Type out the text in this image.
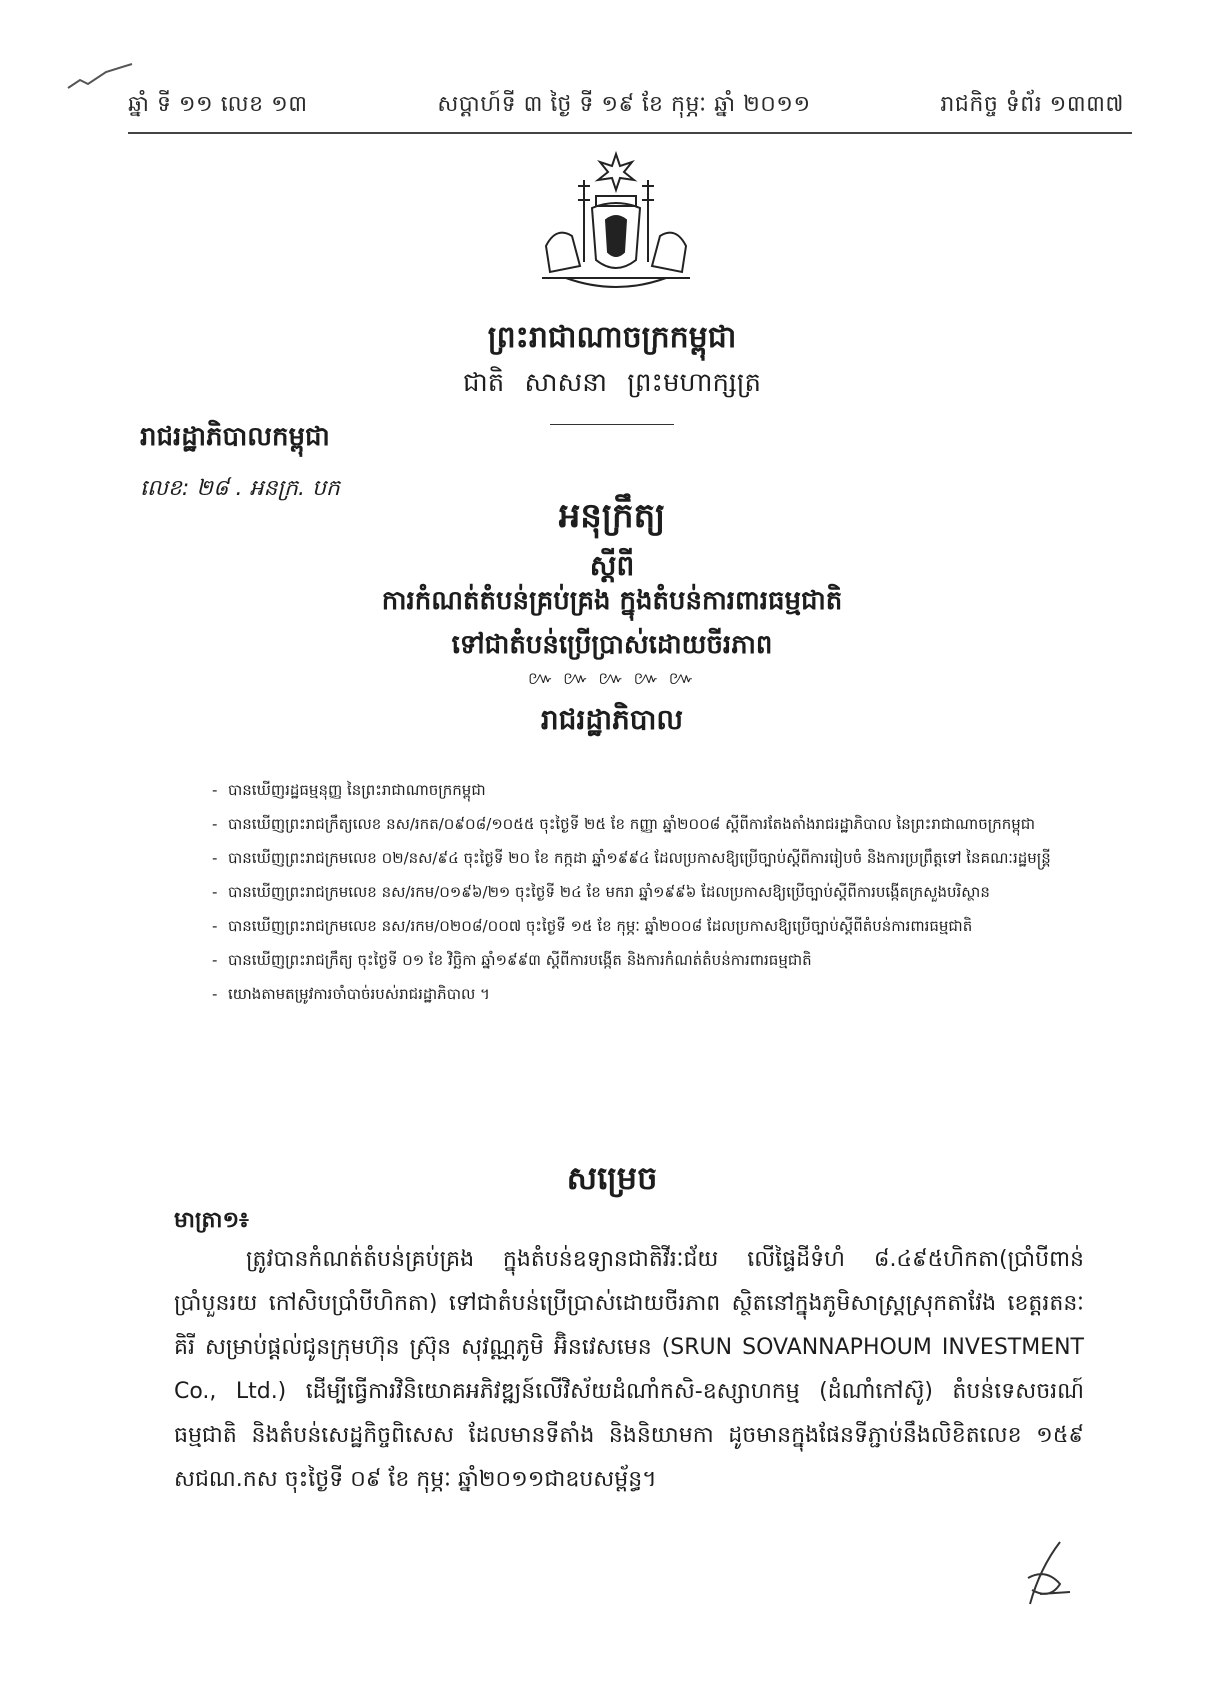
ឆ្នាំ ទី ១១ លេខ ១៣	សប្ដាហ៍ទី ៣ ថ្ងៃ ទី ១៩ ខែ កុម្ភៈ ឆ្នាំ ២០១១	រាជកិច្ច ទំព័រ ១៣៣៧
ព្រះរាជាណាចក្រកម្ពុជា
ជាតិ សាសនា ព្រះមហាក្សត្រ
រាជរដ្ឋាភិបាលកម្ពុជា
លេខ: ២៨ . អនក្រ. បក
អនុក្រឹត្យ
ស្ដីពី
ការកំណត់តំបន់គ្រប់គ្រង ក្នុងតំបន់ការពារធម្មជាតិ
ទៅជាតំបន់ប្រើប្រាស់ដោយចីរភាព
៚ ៚ ៚ ៚ ៚
រាជរដ្ឋាភិបាល
- បានឃើញរដ្ឋធម្មនុញ្ញ នៃព្រះរាជាណាចក្រកម្ពុជា
- បានឃើញព្រះរាជក្រឹត្យលេខ នស/រកត/០៩០៨/១០៥៥ ចុះថ្ងៃទី ២៥ ខែ កញ្ញា ឆ្នាំ២០០៨ ស្ដីពីការតែងតាំងរាជរដ្ឋាភិបាល នៃព្រះរាជាណាចក្រកម្ពុជា
- បានឃើញព្រះរាជក្រមលេខ ០២/នស/៩៤ ចុះថ្ងៃទី ២០ ខែ កក្កដា ឆ្នាំ១៩៩៤ ដែលប្រកាសឱ្យប្រើច្បាប់ស្ដីពីការរៀបចំ និងការប្រព្រឹត្តទៅ នៃគណៈរដ្ឋមន្ត្រី
- បានឃើញព្រះរាជក្រមលេខ នស/រកម/០១៩៦/២១ ចុះថ្ងៃទី ២៤ ខែ មករា ឆ្នាំ១៩៩៦ ដែលប្រកាសឱ្យប្រើច្បាប់ស្ដីពីការបង្កើតក្រសួងបរិស្ថាន
- បានឃើញព្រះរាជក្រមលេខ នស/រកម/០២០៨/០០៧ ចុះថ្ងៃទី ១៥ ខែ កុម្ភៈ ឆ្នាំ២០០៨ ដែលប្រកាសឱ្យប្រើច្បាប់ស្ដីពីតំបន់ការពារធម្មជាតិ
- បានឃើញព្រះរាជក្រឹត្យ ចុះថ្ងៃទី ០១ ខែ វិច្ឆិកា ឆ្នាំ១៩៩៣ ស្ដីពីការបង្កើត និងការកំណត់តំបន់ការពារធម្មជាតិ
- យោងតាមតម្រូវការចាំបាច់របស់រាជរដ្ឋាភិបាល ។
សម្រេច
មាត្រា១៖
ត្រូវបានកំណត់តំបន់គ្រប់គ្រង ក្នុងតំបន់ឧទ្យានជាតិវីរៈជ័យ លើផ្ទៃដីទំហំ ៨.៤៩៥ហិកតា(ប្រាំបីពាន់ ប្រាំបួនរយ កៅសិបប្រាំបីហិកតា) ទៅជាតំបន់ប្រើប្រាស់ដោយចីរភាព ស្ថិតនៅក្នុងភូមិសាស្ត្រស្រុកតាវែង ខេត្តរតនៈគិរី សម្រាប់ផ្ដល់ជូនក្រុមហ៊ុន ស្រ៊ុន សុវណ្ណភូមិ អ៊ិនវេសមេន (SRUN SOVANNAPHOUM INVESTMENT Co., Ltd.) ដើម្បីធ្វើការវិនិយោគអភិវឌ្ឍន៍លើវិស័យដំណាំកសិ-ឧស្សាហកម្ម (ដំណាំកៅស៊ូ) តំបន់ទេសចរណ៍ធម្មជាតិ និងតំបន់សេដ្ឋកិច្ចពិសេស ដែលមានទីតាំង និងនិយាមកា ដូចមានក្នុងផែនទីភ្ជាប់នឹងលិខិតលេខ ១៥៩ សជណ.កស ចុះថ្ងៃទី ០៩ ខែ កុម្ភៈ ឆ្នាំ២០១១ជាឧបសម្ព័ន្ធ។
